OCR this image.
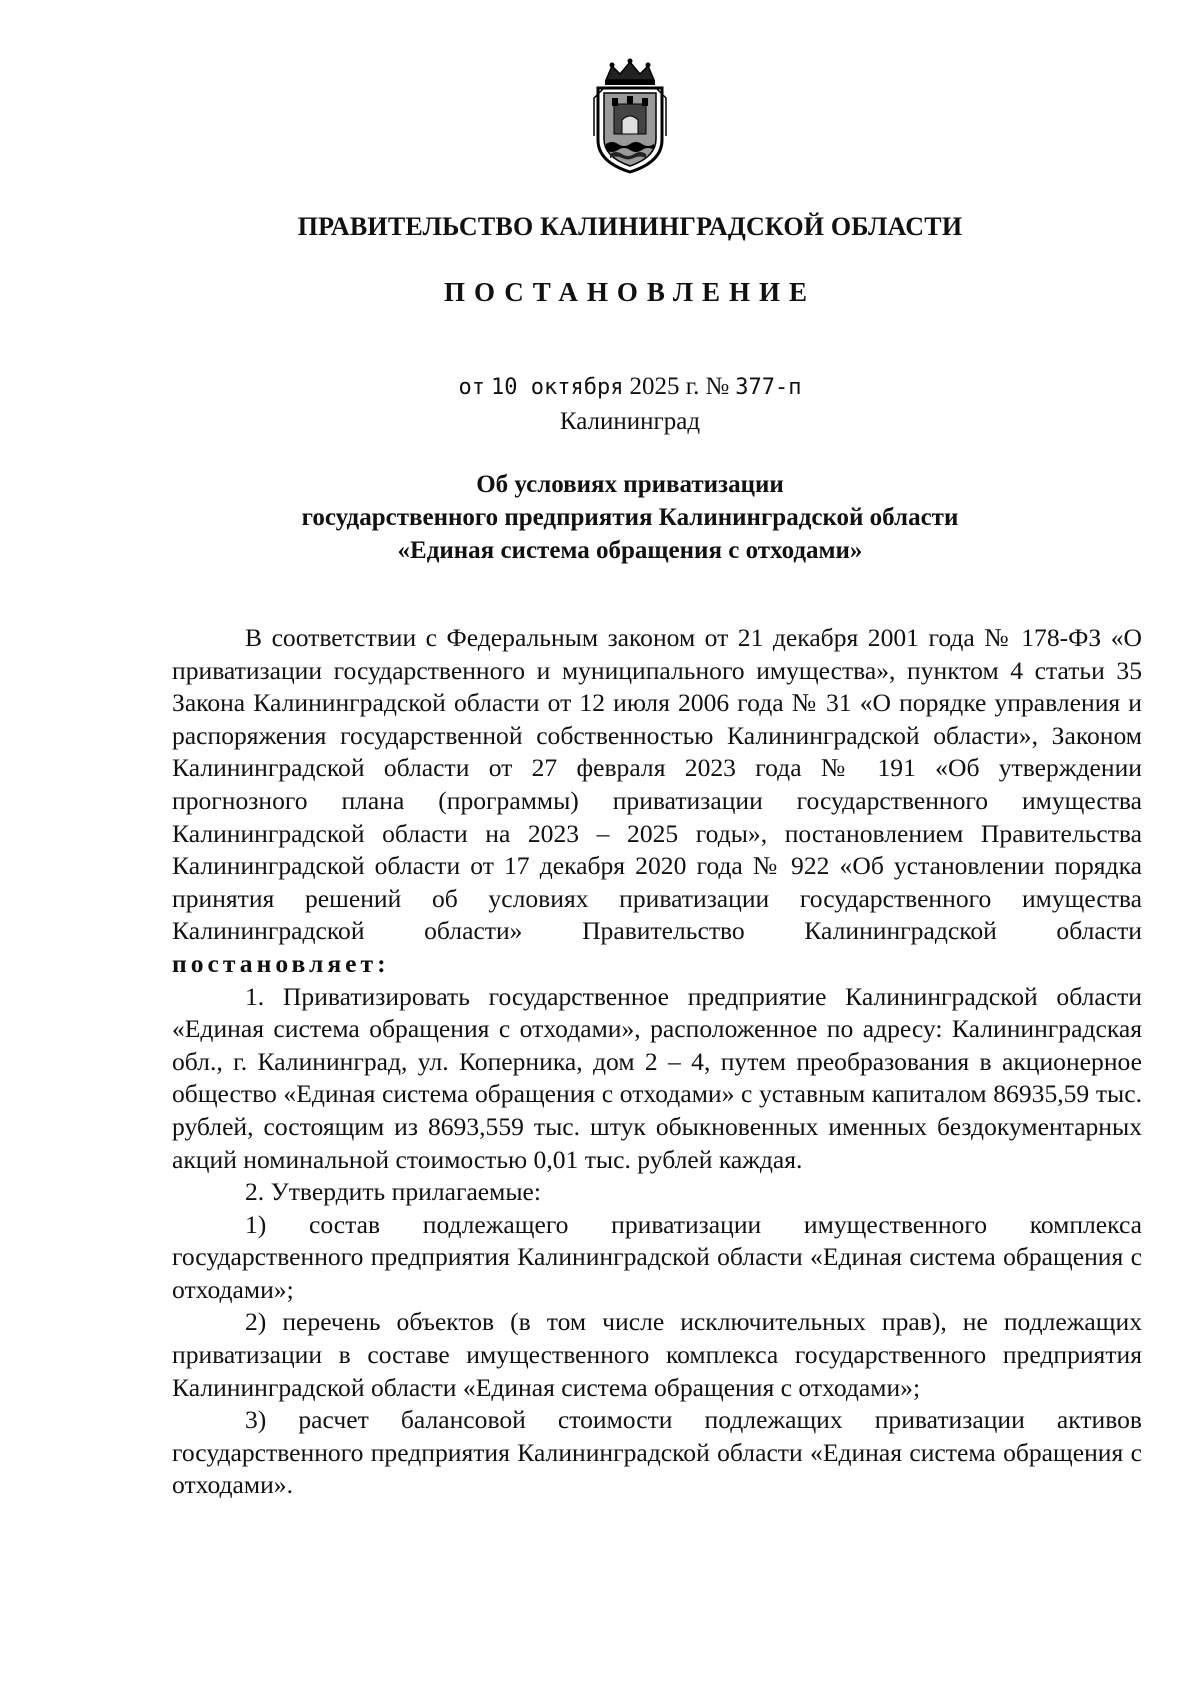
ПРАВИТЕЛЬСТВО КАЛИНИНГРАДСКОЙ ОБЛАСТИ
ПОСТАНОВЛЕНИЕ
от 10 октября 2025 г. № 377-п
Калининград
Об условиях приватизации
государственного предприятия Калининградской области
«Единая система обращения с отходами»

В соответствии с Федеральным законом от 21 декабря 2001 года № 178-ФЗ «О приватизации государственного и муниципального имущества», пунктом 4 статьи 35 Закона Калининградской области от 12 июля 2006 года № 31 «О порядке управления и распоряжения государственной собственностью Калининградской области», Законом Калининградской области от 27 февраля 2023 года № 191 «Об утверждении прогнозного плана (программы) приватизации государственного имущества Калининградской области на 2023 – 2025 годы», постановлением Правительства Калининградской области от 17 декабря 2020 года № 922 «Об установлении порядка принятия решений об условиях приватизации государственного имущества Калининградской области» Правительство Калининградской области

постановляет:

1. Приватизировать государственное предприятие Калининградской области «Единая система обращения с отходами», расположенное по адресу: Калининградская обл., г. Калининград, ул. Коперника, дом 2 – 4, путем преобразования в акционерное общество «Единая система обращения с отходами» с уставным капиталом 86935,59 тыс. рублей, состоящим из 8693,559 тыс. штук обыкновенных именных бездокументарных акций номинальной стоимостью 0,01 тыс. рублей каждая.

2. Утвердить прилагаемые:

1) состав подлежащего приватизации имущественного комплекса государственного предприятия Калининградской области «Единая система обращения с отходами»;

2) перечень объектов (в том числе исключительных прав), не подлежащих приватизации в составе имущественного комплекса государственного предприятия Калининградской области «Единая система обращения с отходами»;

3) расчет балансовой стоимости подлежащих приватизации активов государственного предприятия Калининградской области «Единая система обращения с отходами».
